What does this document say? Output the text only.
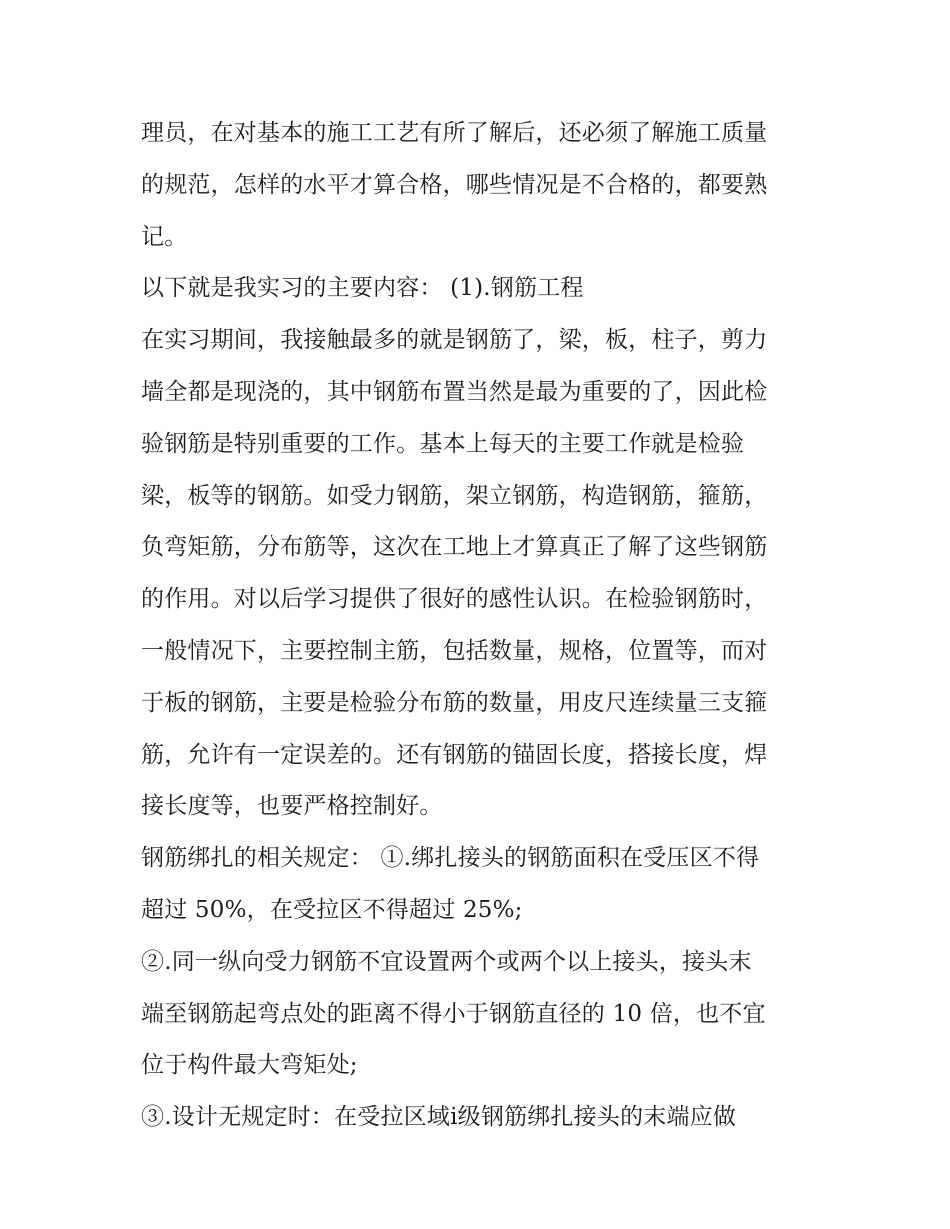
理员，在对基本的施工工艺有所了解后，还必须了解施工质量
的规范，怎样的水平才算合格，哪些情况是不合格的，都要熟
记。
以下就是我实习的主要内容： (1).钢筋工程
在实习期间，我接触最多的就是钢筋了，梁，板，柱子，剪力
墙全都是现浇的，其中钢筋布置当然是最为重要的了，因此检
验钢筋是特别重要的工作。基本上每天的主要工作就是检验
梁，板等的钢筋。如受力钢筋，架立钢筋，构造钢筋，箍筋，
负弯矩筋，分布筋等，这次在工地上才算真正了解了这些钢筋
的作用。对以后学习提供了很好的感性认识。在检验钢筋时，
一般情况下，主要控制主筋，包括数量，规格，位置等，而对
于板的钢筋，主要是检验分布筋的数量，用皮尺连续量三支箍
筋，允许有一定误差的。还有钢筋的锚固长度，搭接长度，焊
接长度等，也要严格控制好。
钢筋绑扎的相关规定： ①.绑扎接头的钢筋面积在受压区不得
超过 50%，在受拉区不得超过 25%;
②.同一纵向受力钢筋不宜设置两个或两个以上接头，接头末
端至钢筋起弯点处的距离不得小于钢筋直径的 10 倍，也不宜
位于构件最大弯矩处;
③.设计无规定时：在受拉区域ⅰ级钢筋绑扎接头的末端应做
